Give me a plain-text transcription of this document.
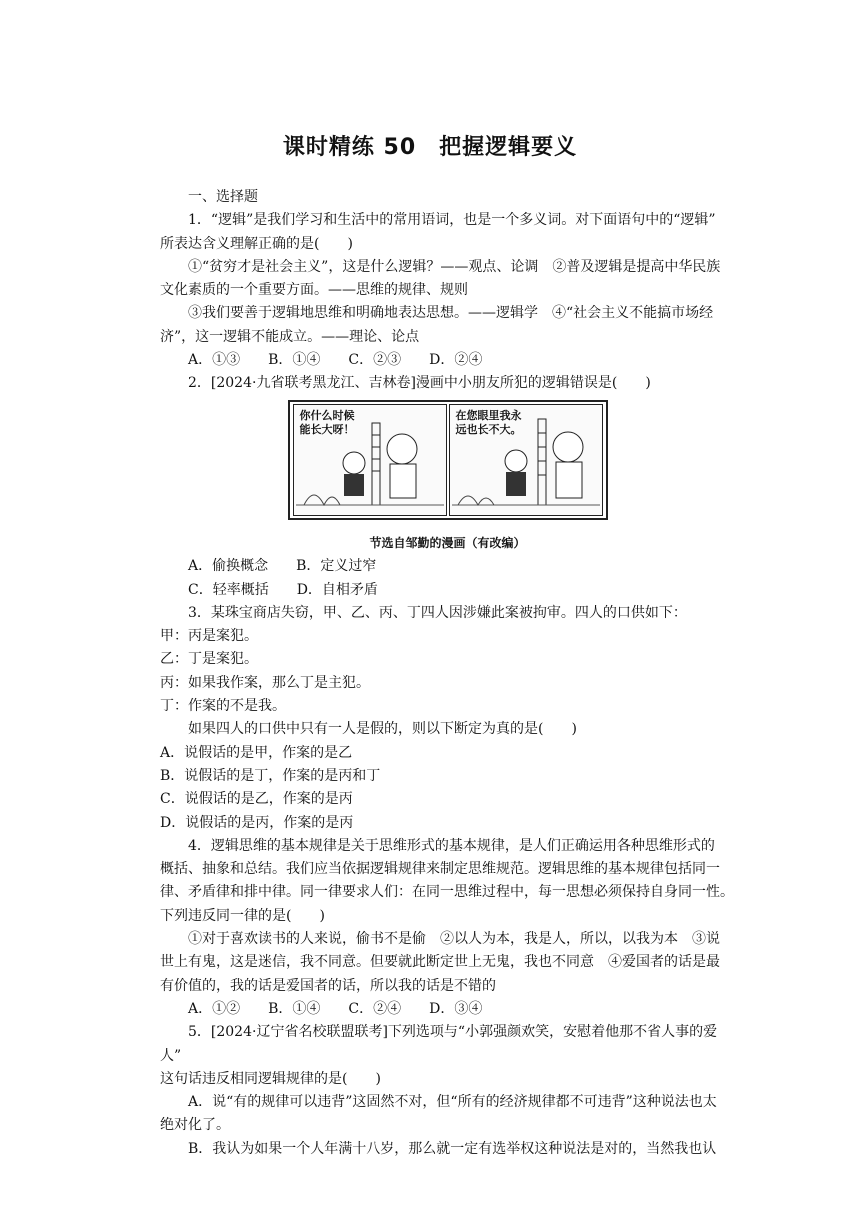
课时精练 50　把握逻辑要义

一、选择题

1．“逻辑”是我们学习和生活中的常用语词，也是一个多义词。对下面语句中的“逻辑”

所表达含义理解正确的是(　　)

①“贫穷才是社会主义”，这是什么逻辑？——观点、论调　②普及逻辑是提高中华民族

文化素质的一个重要方面。——思维的规律、规则

③我们要善于逻辑地思维和明确地表达思想。——逻辑学　④“社会主义不能搞市场经

济”，这一逻辑不能成立。——理论、论点

A．①③　　B．①④　　C．②③　　D．②④

2．[2024·九省联考黑龙江、吉林卷]漫画中小朋友所犯的逻辑错误是(　　)

你什么时候
能长大呀！
在您眼里我永
远也长不大。
节选自邹勤的漫画（有改编）

A．偷换概念　　B．定义过窄

C．轻率概括　　D．自相矛盾

3．某珠宝商店失窃，甲、乙、丙、丁四人因涉嫌此案被拘审。四人的口供如下：

甲：丙是案犯。

乙：丁是案犯。

丙：如果我作案，那么丁是主犯。

丁：作案的不是我。

如果四人的口供中只有一人是假的，则以下断定为真的是(　　)

A．说假话的是甲，作案的是乙

B．说假话的是丁，作案的是丙和丁

C．说假话的是乙，作案的是丙

D．说假话的是丙，作案的是丙

4．逻辑思维的基本规律是关于思维形式的基本规律，是人们正确运用各种思维形式的

概括、抽象和总结。我们应当依据逻辑规律来制定思维规范。逻辑思维的基本规律包括同一

律、矛盾律和排中律。同一律要求人们：在同一思维过程中，每一思想必须保持自身同一性。

下列违反同一律的是(　　)

①对于喜欢读书的人来说，偷书不是偷　②以人为本，我是人，所以，以我为本　③说

世上有鬼，这是迷信，我不同意。但要就此断定世上无鬼，我也不同意　④爱国者的话是最

有价值的，我的话是爱国者的话，所以我的话是不错的

A．①②　　B．①④　　C．②④　　D．③④

5．[2024·辽宁省名校联盟联考]下列选项与“小郭强颜欢笑，安慰着他那不省人事的爱人”

这句话违反相同逻辑规律的是(　　)

A．说“有的规律可以违背”这固然不对，但“所有的经济规律都不可违背”这种说法也太

绝对化了。

B．我认为如果一个人年满十八岁，那么就一定有选举权这种说法是对的，当然我也认
